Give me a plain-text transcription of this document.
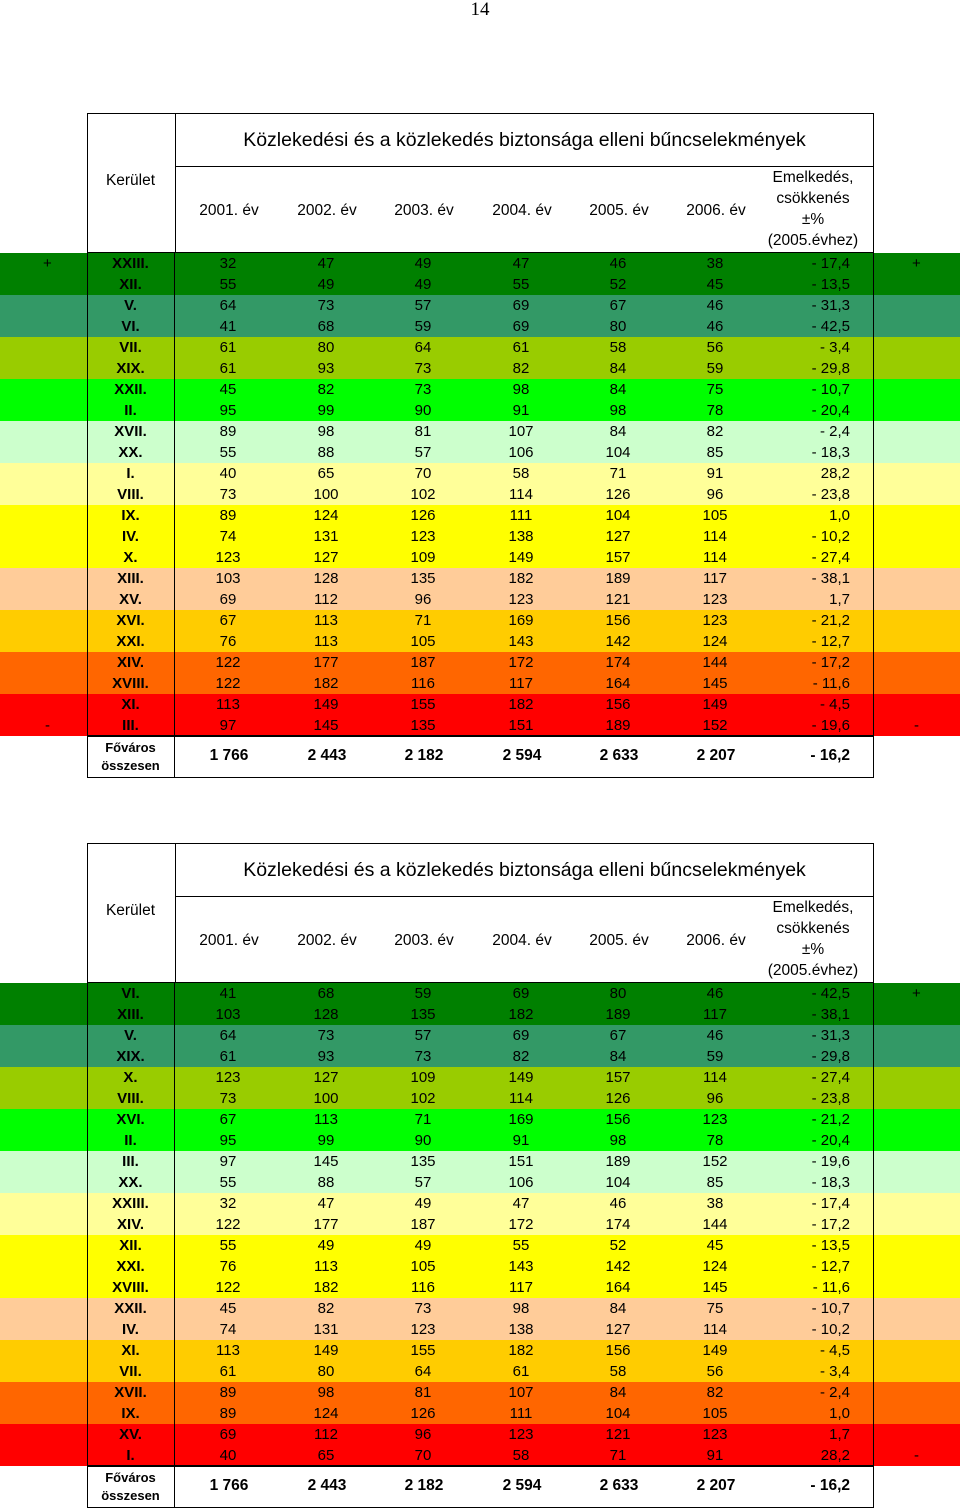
14
Közlekedési és a közlekedés biztonsága elleni bűncselekmények
Kerület
2001. év	2002. év	2003. év	2004. év	2005. év	2006. év
Emelkedés,
csökkenés
±%
(2005.évhez)
XXIII.	32	47	49	47	46	38	- 17,4
+	+
XII.	55	49	49	55	52	45	- 13,5
V.	64	73	57	69	67	46	- 31,3
VI.	41	68	59	69	80	46	- 42,5
VII.	61	80	64	61	58	56	- 3,4
XIX.	61	93	73	82	84	59	- 29,8
XXII.	45	82	73	98	84	75	- 10,7
II.	95	99	90	91	98	78	- 20,4
XVII.	89	98	81	107	84	82	- 2,4
XX.	55	88	57	106	104	85	- 18,3
I.	40	65	70	58	71	91	28,2
VIII.	73	100	102	114	126	96	- 23,8
IX.	89	124	126	111	104	105	1,0
IV.	74	131	123	138	127	114	- 10,2
X.	123	127	109	149	157	114	- 27,4
XIII.	103	128	135	182	189	117	- 38,1
XV.	69	112	96	123	121	123	1,7
XVI.	67	113	71	169	156	123	- 21,2
XXI.	76	113	105	143	142	124	- 12,7
XIV.	122	177	187	172	174	144	- 17,2
XVIII.	122	182	116	117	164	145	- 11,6
XI.	113	149	155	182	156	149	- 4,5
III.	97	145	135	151	189	152	- 19,6
-	-
Főváros
összesen
1 766	2 443	2 182	2 594	2 633	2 207	- 16,2
Közlekedési és a közlekedés biztonsága elleni bűncselekmények
Kerület
2001. év	2002. év	2003. év	2004. év	2005. év	2006. év
Emelkedés,
csökkenés
±%
(2005.évhez)
VI.	41	68	59	69	80	46	- 42,5	+
XIII.	103	128	135	182	189	117	- 38,1
V.	64	73	57	69	67	46	- 31,3
XIX.	61	93	73	82	84	59	- 29,8
X.	123	127	109	149	157	114	- 27,4
VIII.	73	100	102	114	126	96	- 23,8
XVI.	67	113	71	169	156	123	- 21,2
II.	95	99	90	91	98	78	- 20,4
III.	97	145	135	151	189	152	- 19,6
XX.	55	88	57	106	104	85	- 18,3
XXIII.	32	47	49	47	46	38	- 17,4
XIV.	122	177	187	172	174	144	- 17,2
XII.	55	49	49	55	52	45	- 13,5
XXI.	76	113	105	143	142	124	- 12,7
XVIII.	122	182	116	117	164	145	- 11,6
XXII.	45	82	73	98	84	75	- 10,7
IV.	74	131	123	138	127	114	- 10,2
XI.	113	149	155	182	156	149	- 4,5
VII.	61	80	64	61	58	56	- 3,4
XVII.	89	98	81	107	84	82	- 2,4
IX.	89	124	126	111	104	105	1,0
XV.	69	112	96	123	121	123	1,7
I.	40	65	70	58	71	91	28,2	-
Főváros
összesen
1 766	2 443	2 182	2 594	2 633	2 207	- 16,2
